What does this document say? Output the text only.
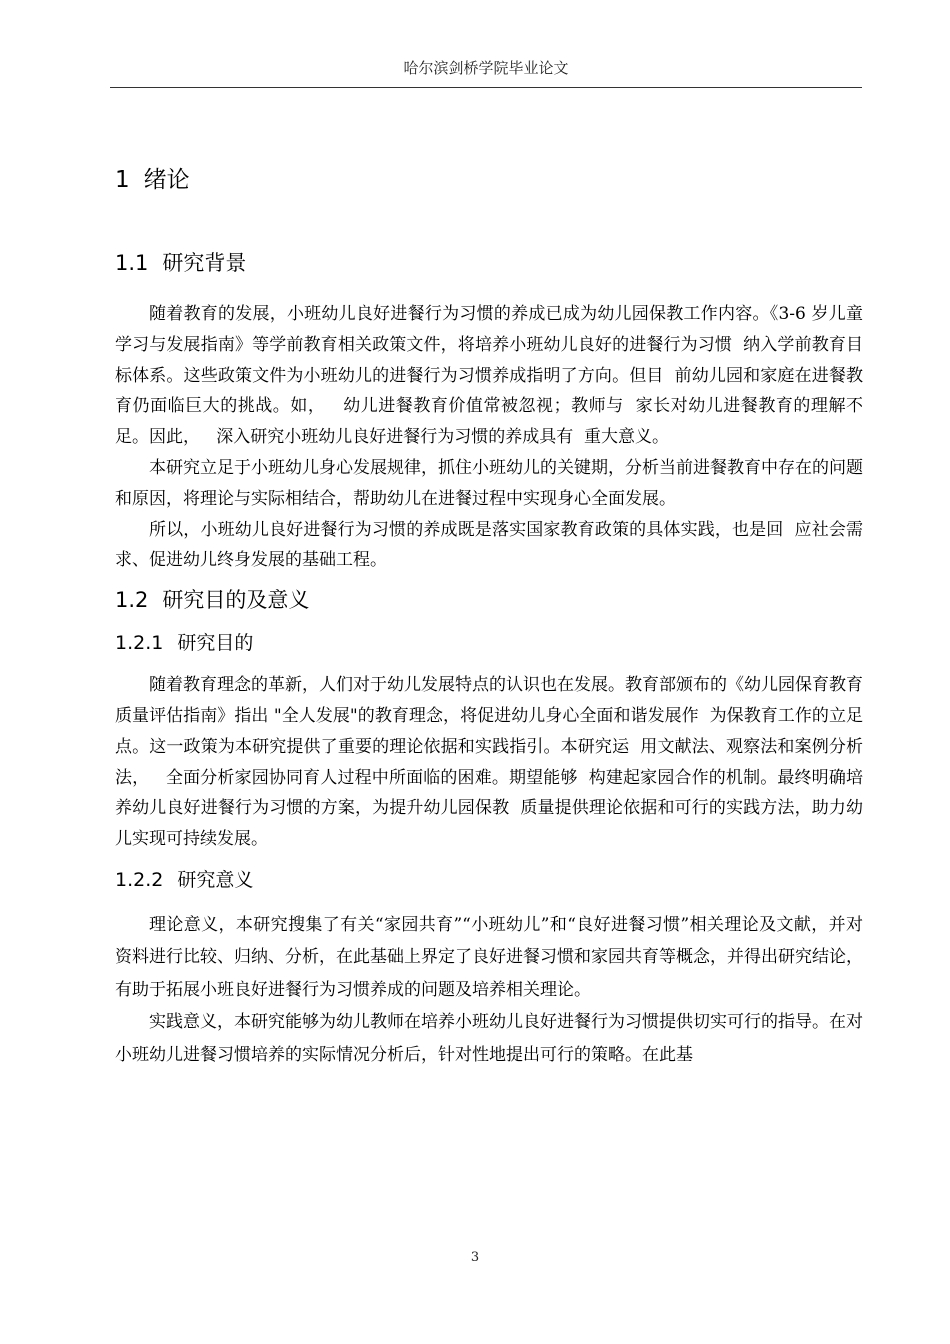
哈尔滨剑桥学院毕业论文
1 绪论
1.1 研究背景

随着教育的发展，小班幼儿良好进餐行为习惯的养成已成为幼儿园保教工作内容。《3-6 岁儿童学习与发展指南》等学前教育相关政策文件，将培养小班幼儿良好的进餐行为习惯  纳入学前教育目标体系。这些政策文件为小班幼儿的进餐行为习惯养成指明了方向。但目  前幼儿园和家庭在进餐教育仍面临巨大的挑战。如，   幼儿进餐教育价值常被忽视；教师与  家长对幼儿进餐教育的理解不足。因此，   深入研究小班幼儿良好进餐行为习惯的养成具有  重大意义。

本研究立足于小班幼儿身心发展规律，抓住小班幼儿的关键期，分析当前进餐教育中存在的问题和原因，将理论与实际相结合，帮助幼儿在进餐过程中实现身心全面发展。

所以，小班幼儿良好进餐行为习惯的养成既是落实国家教育政策的具体实践，也是回  应社会需求、促进幼儿终身发展的基础工程。

1.2 研究目的及意义
1.2.1 研究目的

随着教育理念的革新，人们对于幼儿发展特点的认识也在发展。教育部颁布的《幼儿园保育教育质量评估指南》指出 "全人发展"的教育理念，将促进幼儿身心全面和谐发展作  为保教育工作的立足点。这一政策为本研究提供了重要的理论依据和实践指引。本研究运  用文献法、观察法和案例分析法，   全面分析家园协同育人过程中所面临的困难。期望能够  构建起家园合作的机制。最终明确培养幼儿良好进餐行为习惯的方案，为提升幼儿园保教  质量提供理论依据和可行的实践方法，助力幼儿实现可持续发展。

1.2.2 研究意义

理论意义，本研究搜集了有关“家园共育”“小班幼儿”和“良好进餐习惯”相关理论及文献，并对资料进行比较、归纳、分析，在此基础上界定了良好进餐习惯和家园共育等概念，并得出研究结论，有助于拓展小班良好进餐行为习惯养成的问题及培养相关理论。

实践意义，本研究能够为幼儿教师在培养小班幼儿良好进餐行为习惯提供切实可行的指导。在对小班幼儿进餐习惯培养的实际情况分析后，针对性地提出可行的策略。在此基

3
